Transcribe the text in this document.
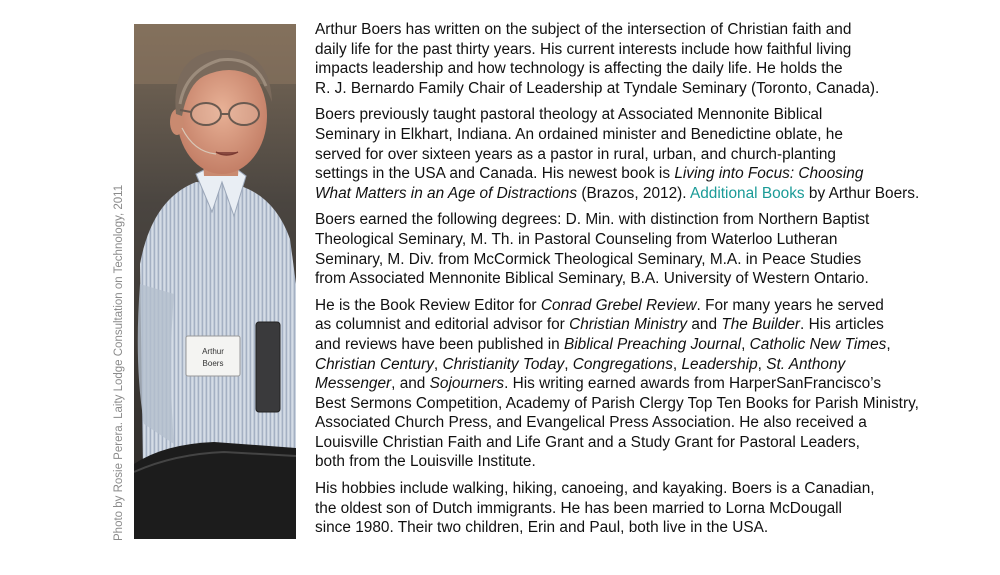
Photo by Rosie Perera. Laity Lodge Consultation on Technology, 2011	Arthur
Boers

Arthur Boers has written on the subject of the intersection of Christian faith and
daily life for the past thirty years. His current interests include how faithful living
impacts leadership and how technology is affecting the daily life. He holds the
R. J. Bernardo Family Chair of Leadership at Tyndale Seminary (Toronto, Canada).

Boers previously taught pastoral theology at Associated Mennonite Biblical
Seminary in Elkhart, Indiana. An ordained minister and Benedictine oblate, he
served for over sixteen years as a pastor in rural, urban, and church-planting
settings in the USA and Canada. His newest book is Living into Focus: Choosing
What Matters in an Age of Distractions (Brazos, 2012). Additional Books by Arthur Boers.

Boers earned the following degrees: D. Min. with distinction from Northern Baptist
Theological Seminary, M. Th. in Pastoral Counseling from Waterloo Lutheran
Seminary, M. Div. from McCormick Theological Seminary, M.A. in Peace Studies
from Associated Mennonite Biblical Seminary, B.A. University of Western Ontario.

He is the Book Review Editor for Conrad Grebel Review. For many years he served
as columnist and editorial advisor for Christian Ministry and The Builder. His articles
and reviews have been published in Biblical Preaching Journal, Catholic New Times,
Christian Century, Christianity Today, Congregations, Leadership, St. Anthony
Messenger, and Sojourners. His writing earned awards from HarperSanFrancisco’s
Best Sermons Competition, Academy of Parish Clergy Top Ten Books for Parish Ministry,
Associated Church Press, and Evangelical Press Association. He also received a
Louisville Christian Faith and Life Grant and a Study Grant for Pastoral Leaders,
both from the Louisville Institute.

His hobbies include walking, hiking, canoeing, and kayaking. Boers is a Canadian,
the oldest son of Dutch immigrants. He has been married to Lorna McDougall
since 1980. Their two children, Erin and Paul, both live in the USA.
